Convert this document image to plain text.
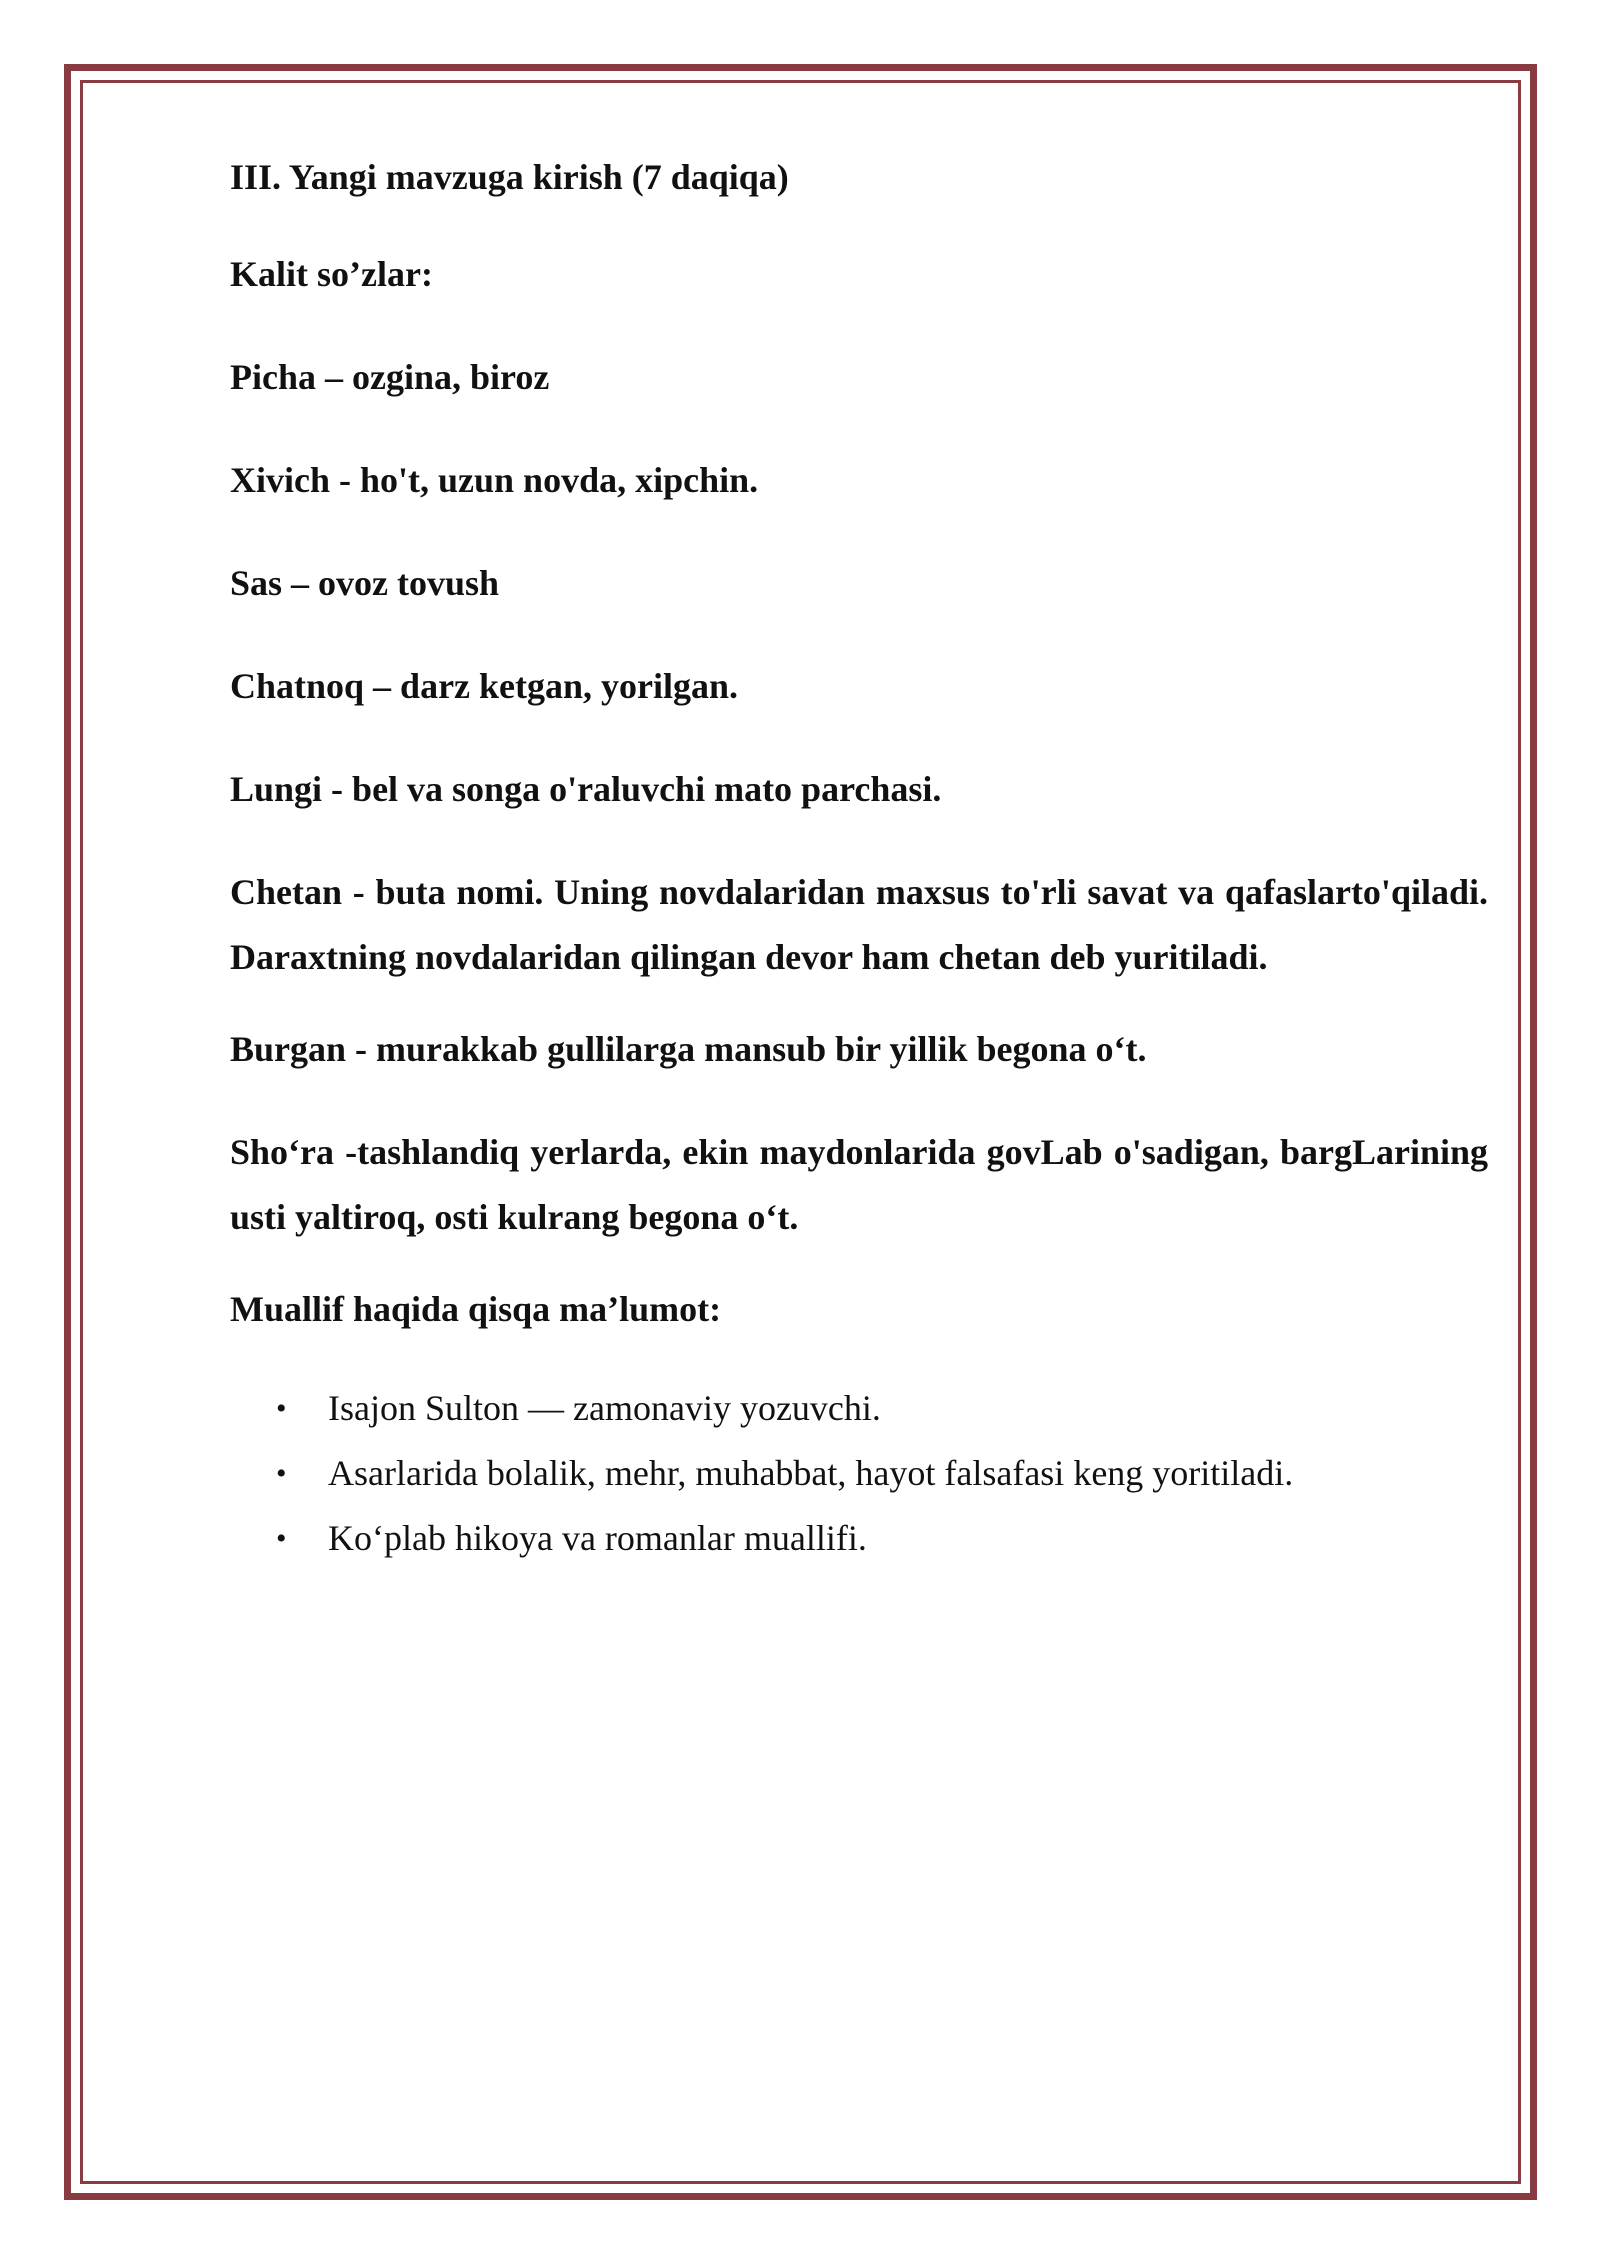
III. Yangi mavzuga kirish (7 daqiqa)

Kalit so’zlar:

Picha – ozgina, biroz

Xivich - ho't, uzun novda, xipchin.

Sas – ovoz tovush

Chatnoq – darz ketgan, yorilgan.

Lungi - bel va songa o'raluvchi mato parchasi.

Chetan - buta nomi. Uning novdalaridan maxsus to'rli savat va qafaslarto'qiladi. Daraxtning novdalaridan qilingan devor ham chetan deb yuritiladi.

Burgan - murakkab gullilarga mansub bir yillik begona o‘t.

Sho‘ra -tashlandiq yerlarda, ekin maydonlarida govLab o'sadigan, bargLarining usti yaltiroq, osti kulrang begona o‘t.

Muallif haqida qisqa ma’lumot:

• Isajon Sulton — zamonaviy yozuvchi.
• Asarlarida bolalik, mehr, muhabbat, hayot falsafasi keng yoritiladi.
• Ko‘plab hikoya va romanlar muallifi.
